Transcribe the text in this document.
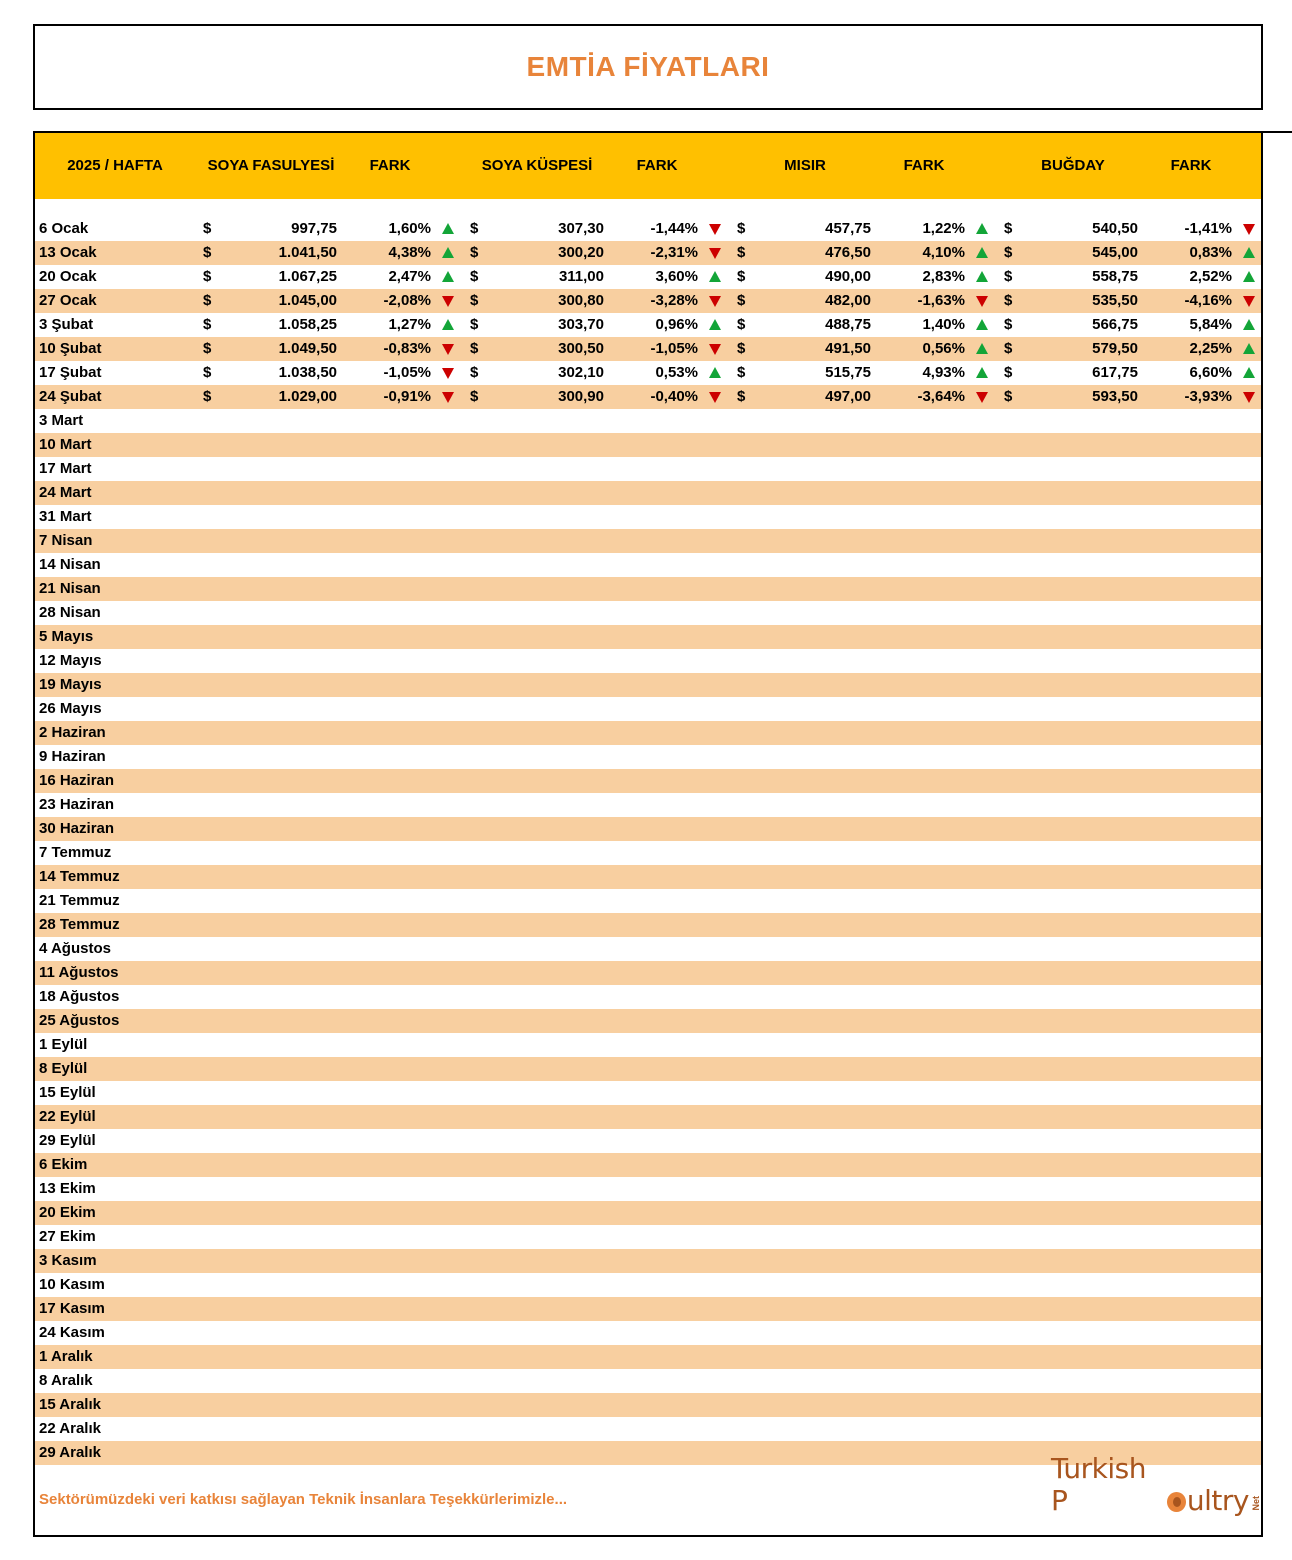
EMTİA FİYATLARI
2025 / HAFTA	SOYA FASULYESİ	FARK	SOYA KÜSPESİ	FARK	MISIR	FARK	BUĞDAY	FARK
6 Ocak	$	997,75	1,60%	$	307,30	-1,44%	$	457,75	1,22%	$	540,50	-1,41%
13 Ocak	$	1.041,50	4,38%	$	300,20	-2,31%	$	476,50	4,10%	$	545,00	0,83%
20 Ocak	$	1.067,25	2,47%	$	311,00	3,60%	$	490,00	2,83%	$	558,75	2,52%
27 Ocak	$	1.045,00	-2,08%	$	300,80	-3,28%	$	482,00	-1,63%	$	535,50	-4,16%
3 Şubat	$	1.058,25	1,27%	$	303,70	0,96%	$	488,75	1,40%	$	566,75	5,84%
10 Şubat	$	1.049,50	-0,83%	$	300,50	-1,05%	$	491,50	0,56%	$	579,50	2,25%
17 Şubat	$	1.038,50	-1,05%	$	302,10	0,53%	$	515,75	4,93%	$	617,75	6,60%
24 Şubat	$	1.029,00	-0,91%	$	300,90	-0,40%	$	497,00	-3,64%	$	593,50	-3,93%
3 Mart
10 Mart
17 Mart
24 Mart
31 Mart
7 Nisan
14 Nisan
21 Nisan
28 Nisan
5 Mayıs
12 Mayıs
19 Mayıs
26 Mayıs
2 Haziran
9 Haziran
16 Haziran
23 Haziran
30 Haziran
7 Temmuz
14 Temmuz
21 Temmuz
28 Temmuz
4 Ağustos
11 Ağustos
18 Ağustos
25 Ağustos
1 Eylül
8 Eylül
15 Eylül
22 Eylül
29 Eylül
6 Ekim
13 Ekim
20 Ekim
27 Ekim
3 Kasım
10 Kasım
17 Kasım
24 Kasım
1 Aralık
8 Aralık
15 Aralık
22 Aralık
29 Aralık
Sektörümüzdeki veri katkısı sağlayan Teknik İnsanlara Teşekkürlerimizle...
Turkish P	ultry Net
